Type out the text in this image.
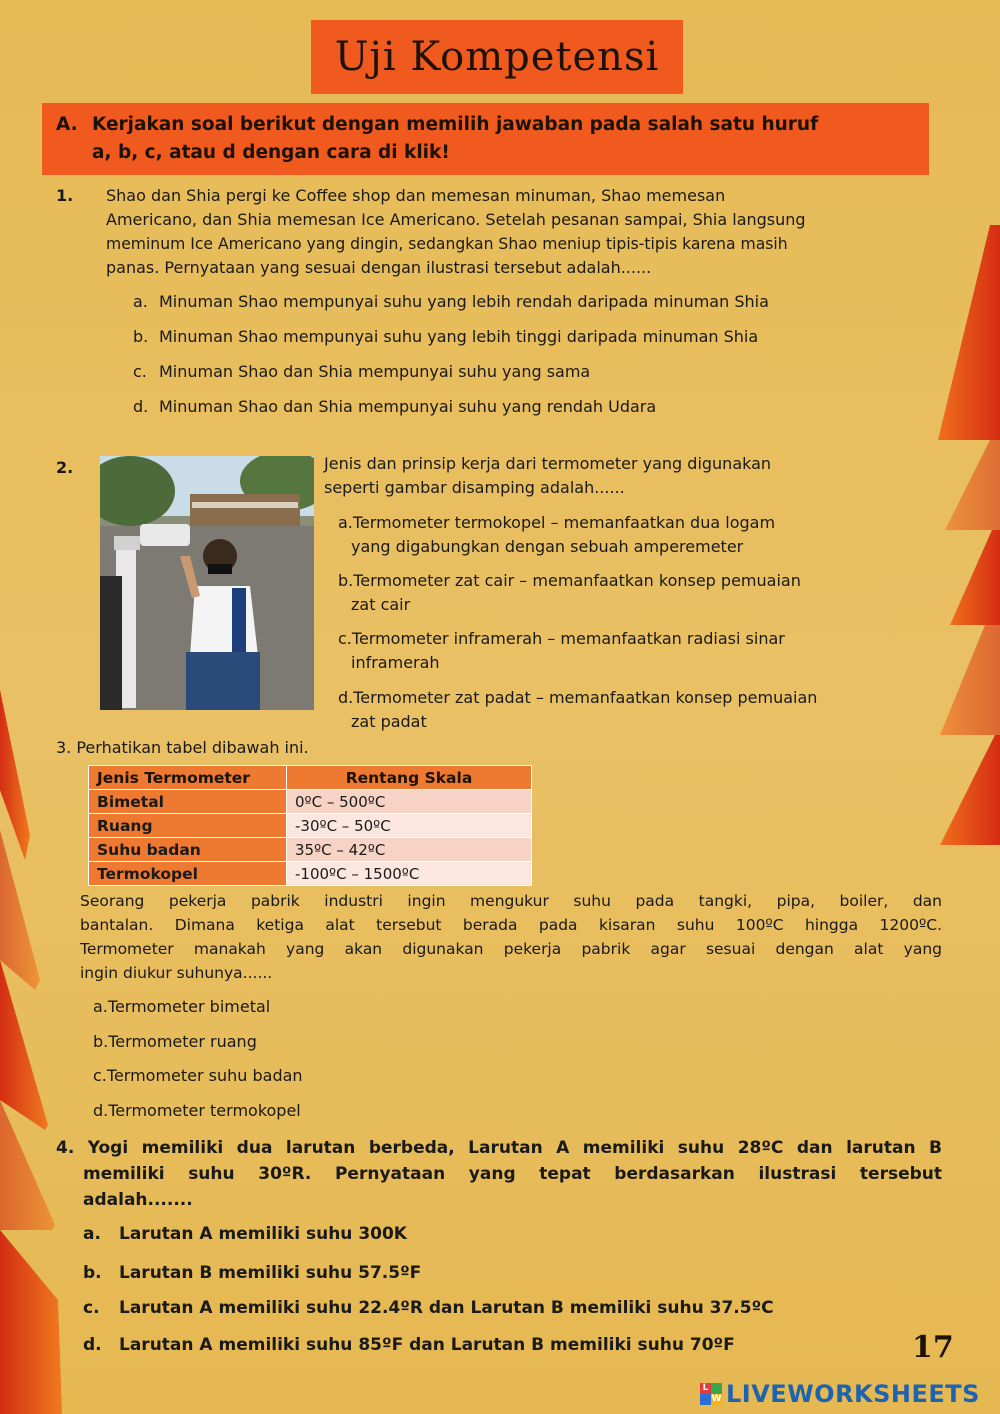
Uji Kompetensi
A. Kerjakan soal berikut dengan memilih jawaban pada salah satu huruf
a, b, c, atau d dengan cara di klik!
1. Shao dan Shia pergi ke Coffee shop dan memesan minuman, Shao memesan
Americano, dan Shia memesan Ice Americano. Setelah pesanan sampai, Shia langsung
meminum Ice Americano yang dingin, sedangkan Shao meniup tipis-tipis karena masih
panas. Pernyataan yang sesuai dengan ilustrasi tersebut adalah......
a. Minuman Shao mempunyai suhu yang lebih rendah daripada minuman Shia
b. Minuman Shao mempunyai suhu yang lebih tinggi daripada minuman Shia
c. Minuman Shao dan Shia mempunyai suhu yang sama
d. Minuman Shao dan Shia mempunyai suhu yang rendah Udara
2.	Jenis dan prinsip kerja dari termometer yang digunakan
seperti gambar disamping adalah......
a.Termometer termokopel – memanfaatkan dua logam
yang digabungkan dengan sebuah amperemeter
b.Termometer zat cair – memanfaatkan konsep pemuaian
zat cair
c.Termometer inframerah – memanfaatkan radiasi sinar
inframerah
d.Termometer zat padat – memanfaatkan konsep pemuaian
zat padat
3. Perhatikan tabel dibawah ini.
Jenis Termometer	Rentang Skala
Bimetal	0ºC – 500ºC
Ruang	-30ºC – 50ºC
Suhu badan	35ºC – 42ºC
Termokopel	-100ºC – 1500ºC
Seorang pekerja pabrik industri ingin mengukur suhu pada tangki, pipa, boiler, dan
bantalan. Dimana ketiga alat tersebut berada pada kisaran suhu 100ºC hingga 1200ºC.
Termometer manakah yang akan digunakan pekerja pabrik agar sesuai dengan alat yang
ingin diukur suhunya......
a.Termometer bimetal
b.Termometer ruang
c.Termometer suhu badan
d.Termometer termokopel
4. Yogi memiliki dua larutan berbeda, Larutan A memiliki suhu 28ºC dan larutan B
memiliki suhu 30ºR. Pernyataan yang tepat berdasarkan ilustrasi tersebut
adalah.......
a. Larutan A memiliki suhu 300K
b. Larutan B memiliki suhu 57.5ºF
c. Larutan A memiliki suhu 22.4ºR dan Larutan B memiliki suhu 37.5ºC
d. Larutan A memiliki suhu 85ºF dan Larutan B memiliki suhu 70ºF	17
L
W LIVEWORKSHEETS
